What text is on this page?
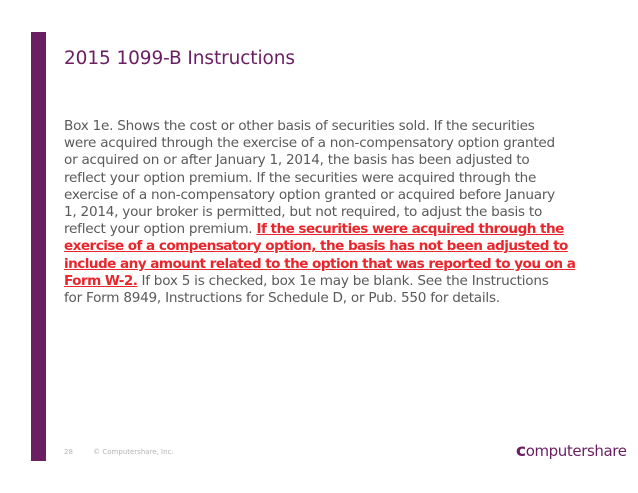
2015 1099-B Instructions
Box 1e. Shows the cost or other basis of securities sold. If the securities
were acquired through the exercise of a non-compensatory option granted
or acquired on or after January 1, 2014, the basis has been adjusted to
reflect your option premium. If the securities were acquired through the
exercise of a non-compensatory option granted or acquired before January
1, 2014, your broker is permitted, but not required, to adjust the basis to
reflect your option premium. If the securities were acquired through the
exercise of a compensatory option, the basis has not been adjusted to
include any amount related to the option that was reported to you on a
Form W-2. If box 5 is checked, box 1e may be blank. See the Instructions
for Form 8949, Instructions for Schedule D, or Pub. 550 for details.
28	© Computershare, Inc.	computershare
